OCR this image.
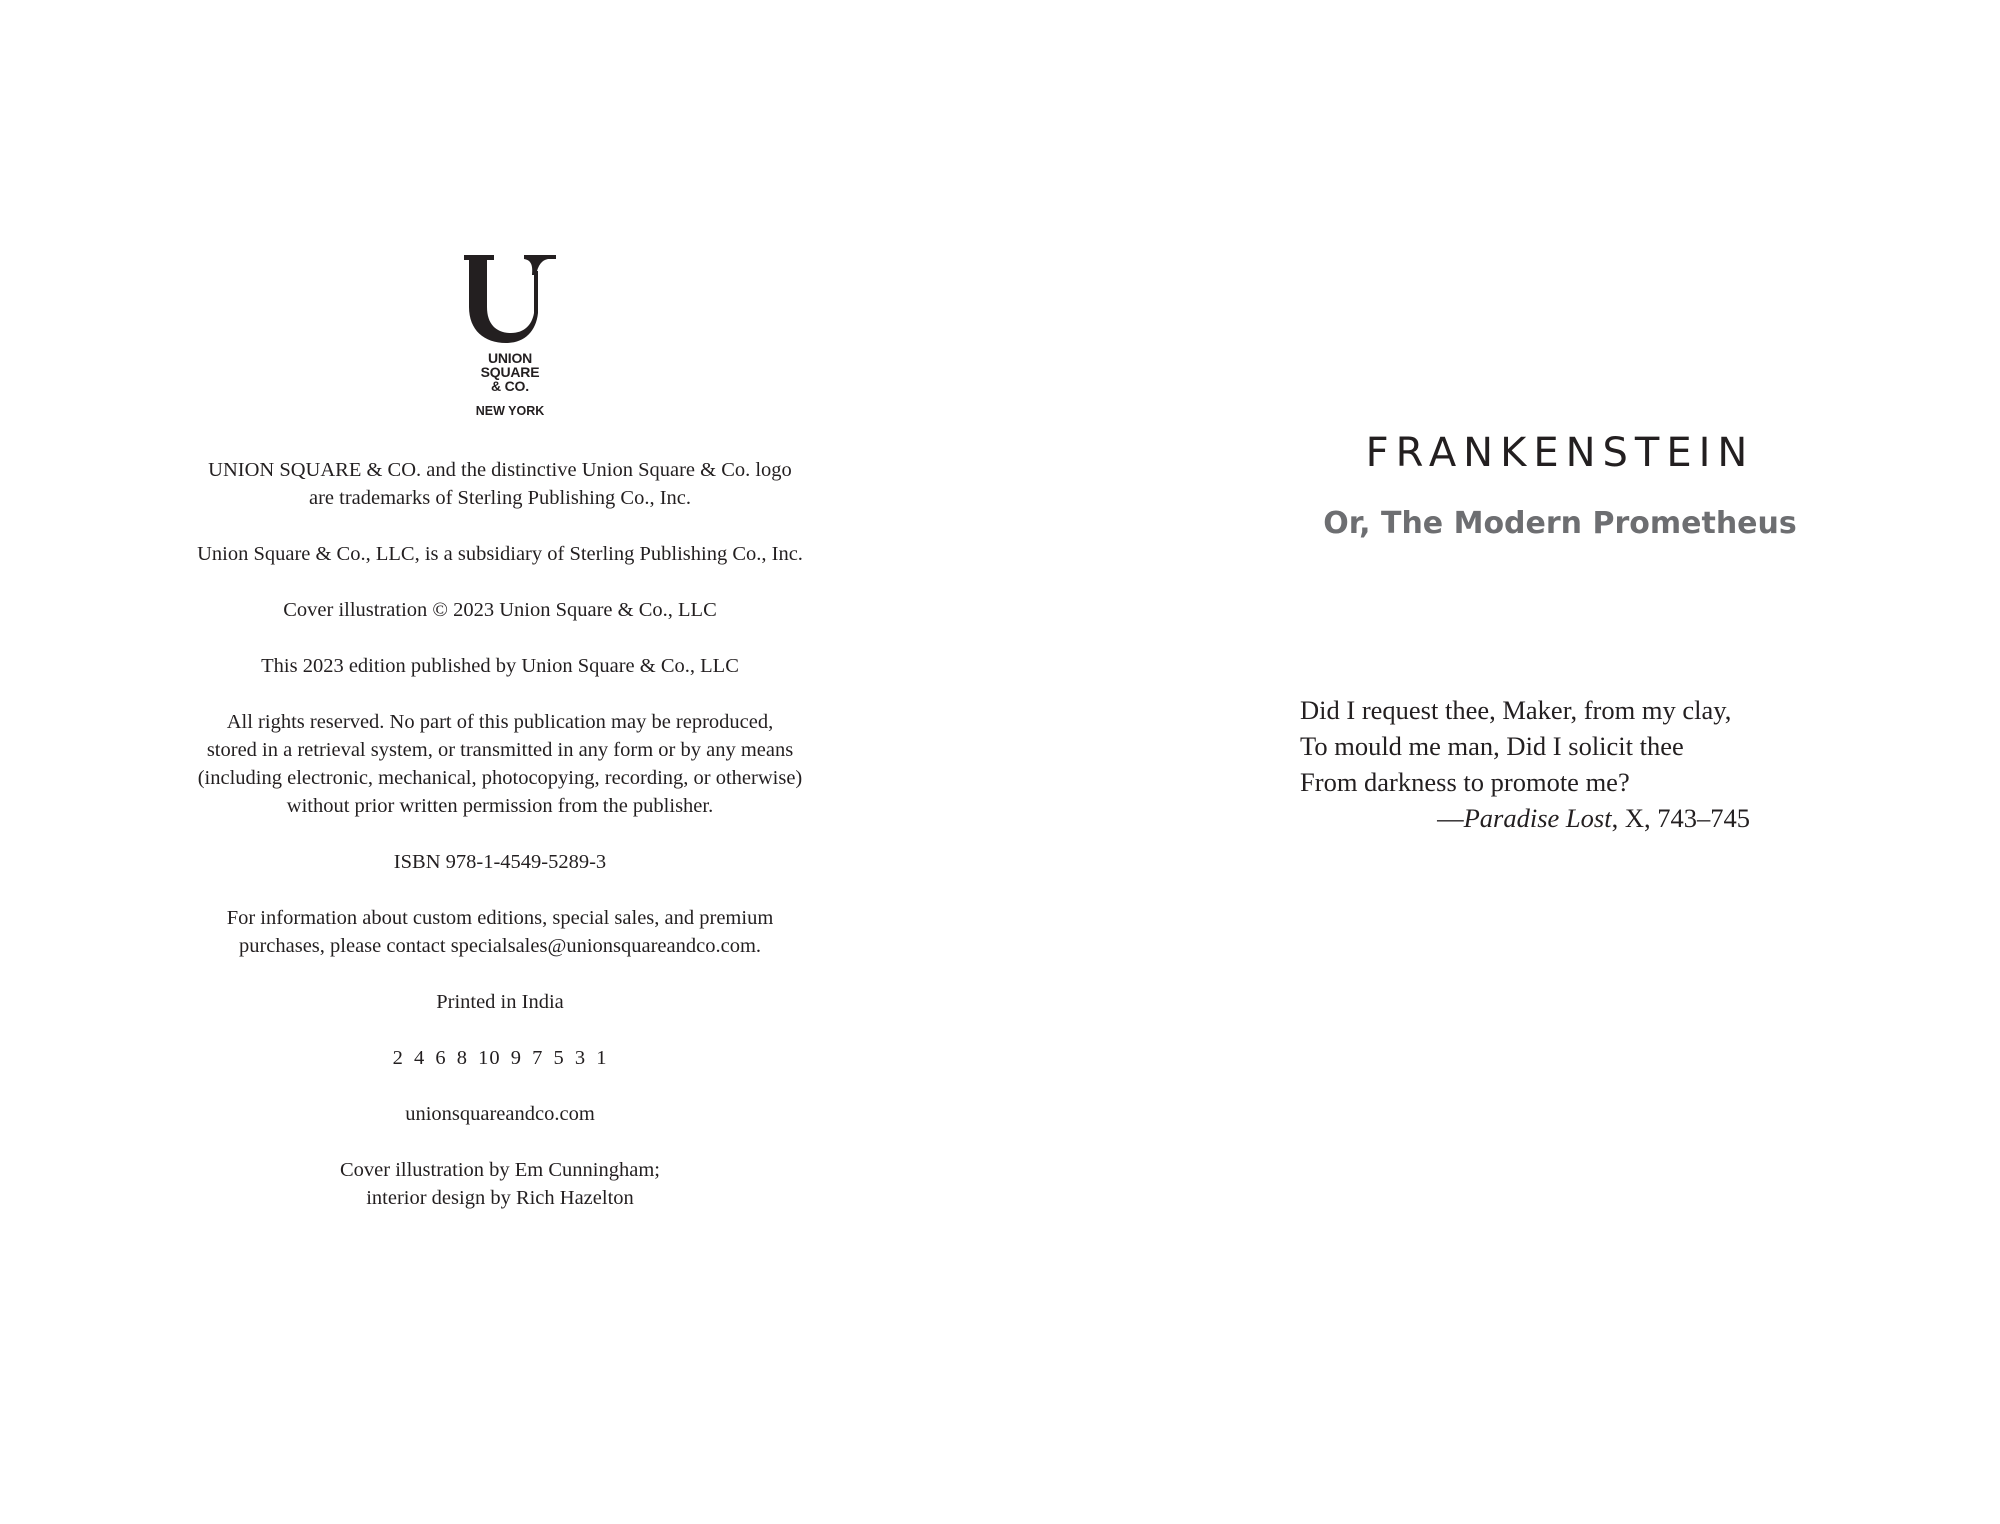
UNION
SQUARE
& CO.
NEW YORK

UNION SQUARE & CO. and the distinctive Union Square & Co. logo
are trademarks of Sterling Publishing Co., Inc.

Union Square & Co., LLC, is a subsidiary of Sterling Publishing Co., Inc.

Cover illustration © 2023 Union Square & Co., LLC

This 2023 edition published by Union Square & Co., LLC

All rights reserved. No part of this publication may be reproduced,
stored in a retrieval system, or transmitted in any form or by any means
(including electronic, mechanical, photocopying, recording, or otherwise)
without prior written permission from the publisher.

ISBN 978-1-4549-5289-3

For information about custom editions, special sales, and premium
purchases, please contact specialsales@unionsquareandco.com.

Printed in India

2 4 6 8 10 9 7 5 3 1

unionsquareandco.com

Cover illustration by Em Cunningham;
interior design by Rich Hazelton

FRANKENSTEIN
Or, The Modern Prometheus
Did I request thee, Maker, from my clay,
To mould me man, Did I solicit thee
From darkness to promote me?
—Paradise Lost, X, 743–745
